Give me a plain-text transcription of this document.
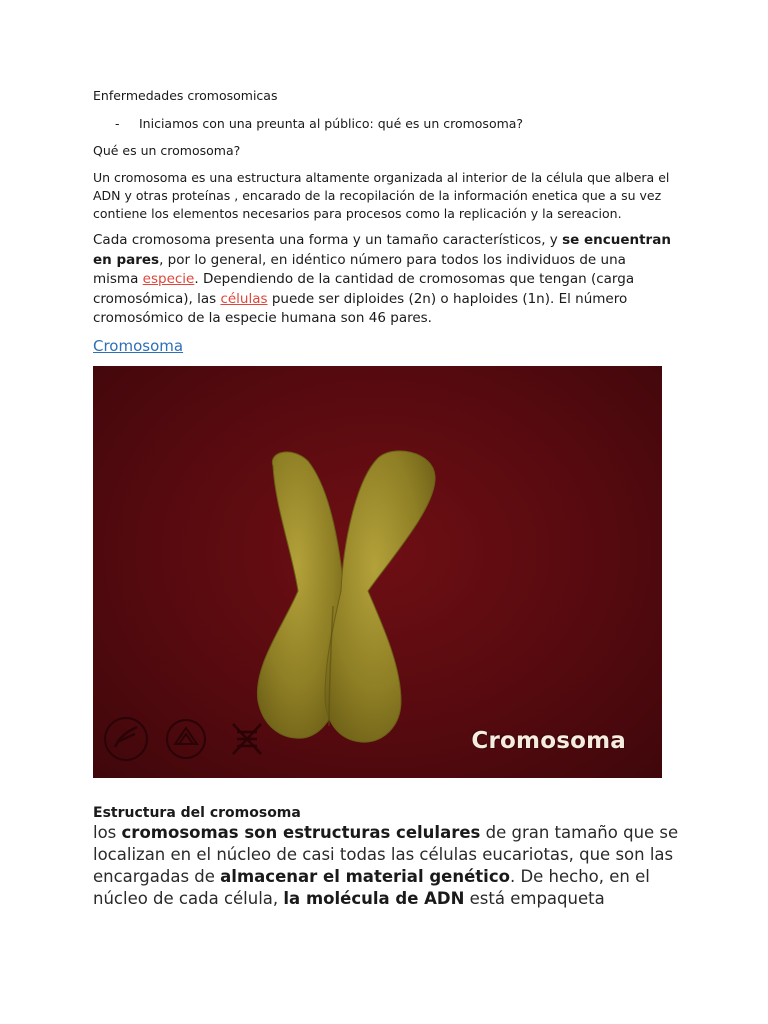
Enfermedades cromosomicas
- Iniciamos con una preunta al público: qué es un cromosoma?
Qué es un cromosoma?
Un cromosoma es una estructura altamente organizada al interior de la célula que albera el ADN y otras proteínas , encarado de la recopilación de la información enetica que a su vez contiene los elementos necesarios para procesos como la replicación y la sereacion.
Cada cromosoma presenta una forma y un tamaño característicos, y se encuentran en pares, por lo general, en idéntico número para todos los individuos de una misma especie. Dependiendo de la cantidad de cromosomas que tengan (carga cromosómica), las células puede ser diploides (2n) o haploides (1n). El número cromosómico de la especie humana son 46 pares.
Cromosoma
Cromosoma
Estructura del cromosoma
los cromosomas son estructuras celulares de gran tamaño que se localizan en el núcleo de casi todas las células eucariotas, que son las encargadas de almacenar el material genético. De hecho, en el núcleo de cada célula, la molécula de ADN está empaqueta
